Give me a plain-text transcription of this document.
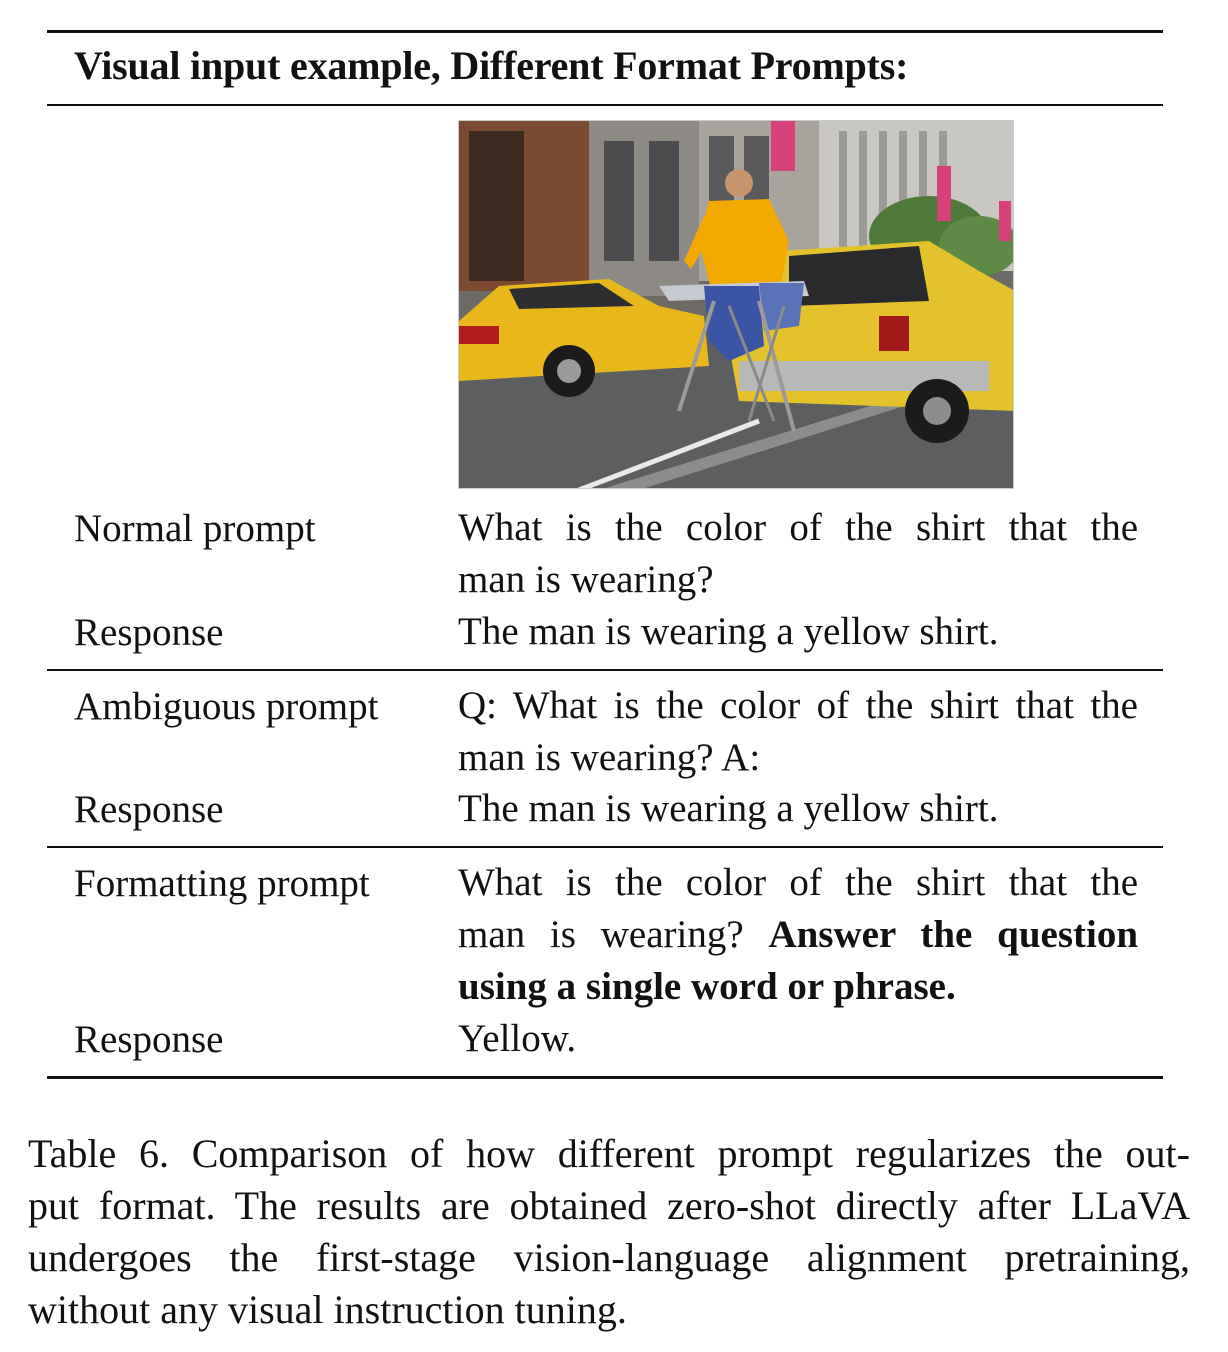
Visual input example, Different Format Prompts:
Normal prompt	What is the color of the shirt that the
man is wearing?
Response	The man is wearing a yellow shirt.
Ambiguous prompt Q: What is the color of the shirt that the
man is wearing? A:
Response	The man is wearing a yellow shirt.
Formatting prompt What is the color of the shirt that the
man is wearing? Answer the question
using a single word or phrase.
Response	Yellow.
Table 6. Comparison of how different prompt regularizes the out-
put format. The results are obtained zero-shot directly after LLaVA
undergoes the first-stage vision-language alignment pretraining,
without any visual instruction tuning.
